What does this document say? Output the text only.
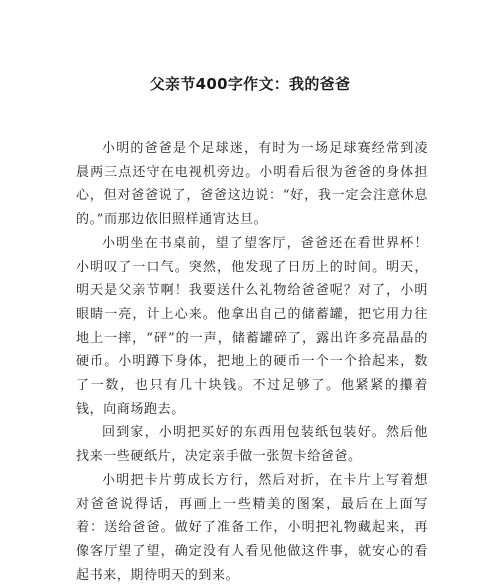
父亲节400字作文：我的爸爸

小明的爸爸是个足球迷，有时为一场足球赛经常到凌晨两三点还守在电视机旁边。小明看后很为爸爸的身体担心，但对爸爸说了，爸爸这边说：“好，我一定会注意休息的。”而那边依旧照样通宵达旦。

小明坐在书桌前，望了望客厅，爸爸还在看世界杯！小明叹了一口气。突然，他发现了日历上的时间。明天，明天是父亲节啊！我要送什么礼物给爸爸呢？对了，小明眼睛一亮，计上心来。他拿出自己的储蓄罐，把它用力往地上一摔，“砰”的一声，储蓄罐碎了，露出许多亮晶晶的硬币。小明蹲下身体，把地上的硬币一个一个拾起来，数了一数，也只有几十块钱。不过足够了。他紧紧的攥着钱，向商场跑去。

回到家，小明把买好的东西用包装纸包装好。然后他找来一些硬纸片，决定亲手做一张贺卡给爸爸。

小明把卡片剪成长方行，然后对折，在卡片上写着想对爸爸说得话，再画上一些精美的图案，最后在上面写着：送给爸爸。做好了准备工作，小明把礼物藏起来，再像客厅望了望，确定没有人看见他做这件事，就安心的看起书来，期待明天的到来。
